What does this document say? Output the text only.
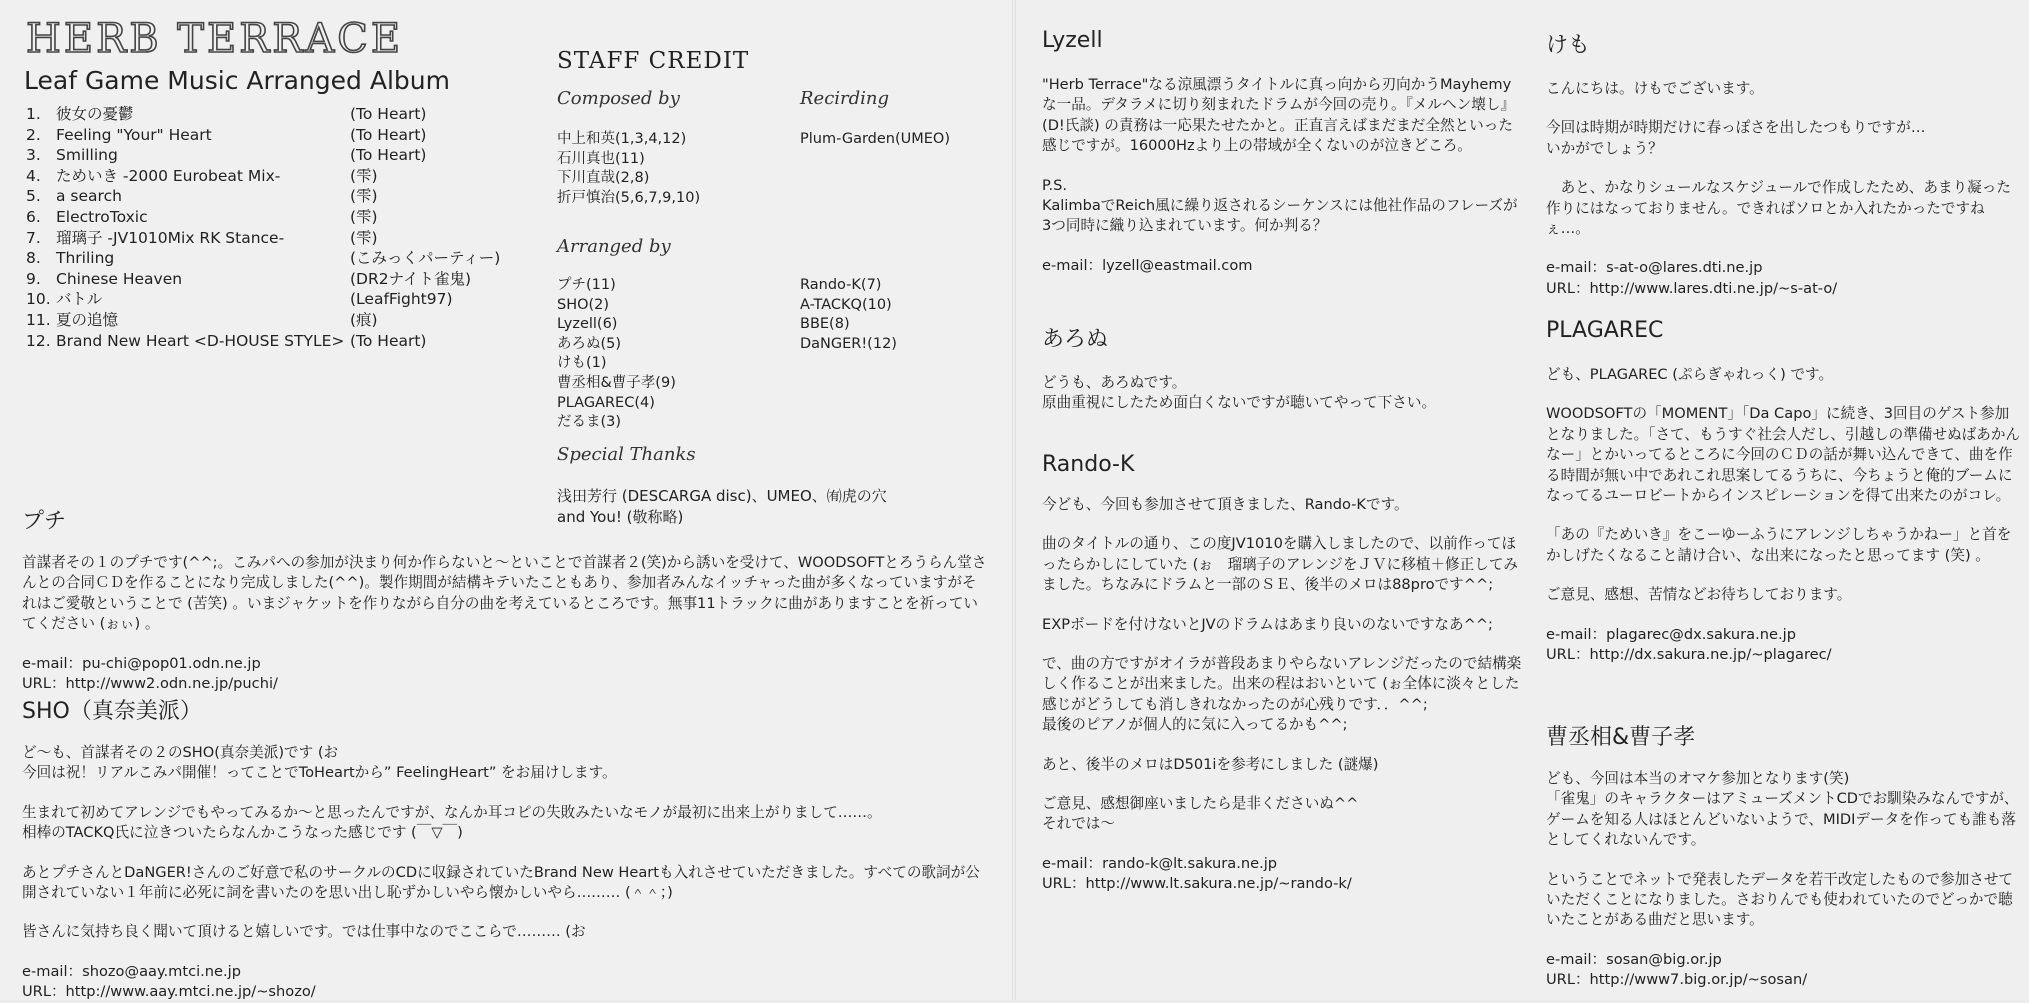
HERB TERRACE
Leaf Game Music Arranged Album
1. 彼女の憂鬱	(To Heart)
2. Feeling "Your" Heart	(To Heart)
3. Smilling	(To Heart)
4. ためいき -2000 Eurobeat Mix-	(雫)
5. a search	(雫)
6. ElectroToxic	(雫)
7. 瑠璃子 -JV1010Mix RK Stance-	(雫)
8. Thriling	(こみっくパーティー)
9. Chinese Heaven	(DR2ナイト雀鬼)
10. バトル	(LeafFight97)
11. 夏の追憶	(痕)
12. Brand New Heart <D-HOUSE STYLE> (To Heart)
STAFF CREDIT
Composed by
中上和英(1,3,4,12)
石川真也(11)
下川直哉(2,8)
折戸慎治(5,6,7,9,10)
Recirding
Plum-Garden(UMEO)
Arranged by
プチ(11)
SHO(2)
Lyzell(6)
あろぬ(5)
けも(1)
曹丞相&曹子孝(9)
PLAGAREC(4)
だるま(3)
Rando-K(7)
A-TACKQ(10)
BBE(8)
DaNGER!(12)
Special Thanks
浅田芳行 (DESCARGA disc)、UMEO、㈲虎の穴
and You! (敬称略)
プチ

首謀者その１のプチです(^^;。こみパへの参加が決まり何か作らないと～といことで首謀者２(笑)から誘いを受けて、WOODSOFTとろうらん堂さんとの合同ＣＤを作ることになり完成しました(^^)。製作期間が結構キテいたこともあり、参加者みんなイッチャった曲が多くなっていますがそれはご愛敬ということで (苦笑) 。いまジャケットを作りながら自分の曲を考えているところです。無事11トラックに曲がありますことを祈っていてください (ぉぃ) 。

e-mail：pu-chi@pop01.odn.ne.jp

URL：http://www2.odn.ne.jp/puchi/

SHO（真奈美派）

ど～も、首謀者その２のSHO(真奈美派)です (お

今回は祝！リアルこみパ開催！ってことでToHeartから” FeelingHeart” をお届けします。

生まれて初めてアレンジでもやってみるか～と思ったんですが、なんか耳コピの失敗みたいなモノが最初に出来上がりまして……。

相棒のTACKQ氏に泣きついたらなんかこうなった感じです (￣▽￣)

あとプチさんとDaNGER!さんのご好意で私のサークルのCDに収録されていたBrand New Heartも入れさせていただきました。すべての歌詞が公開されていない１年前に必死に詞を書いたのを思い出し恥ずかしいやら懐かしいやら……… (＾＾；)

皆さんに気持ち良く聞いて頂けると嬉しいです。では仕事中なのでここらで……… (お

e-mail：shozo@aay.mtci.ne.jp

URL：http://www.aay.mtci.ne.jp/~shozo/

Lyzell

"Herb Terrace"なる涼風漂うタイトルに真っ向から刃向かうMayhemyな一品。デタラメに切り刻まれたドラムが今回の売り。『メルヘン壊し』 (D!氏談) の責務は一応果たせたかと。正直言えばまだまだ全然といった感じですが。16000Hzより上の帯域が全くないのが泣きどころ。

P.S.

KalimbaでReich風に繰り返されるシーケンスには他社作品のフレーズが3つ同時に織り込まれています。何か判る？

e-mail：lyzell@eastmail.com

あろぬ

どうも、あろぬです。

原曲重視にしたため面白くないですが聴いてやって下さい。

Rando-K

今ども、今回も参加させて頂きました、Rando-Kです。

曲のタイトルの通り、この度JV1010を購入しましたので、以前作ってほったらかしにしていた (ぉ　瑠璃子のアレンジをＪＶに移植＋修正してみました。ちなみにドラムと一部のＳＥ、後半のメロは88proです^^;

EXPボードを付けないとJVのドラムはあまり良いのないですなあ^^;

で、曲の方ですがオイラが普段あまりやらないアレンジだったので結構楽しく作ることが出来ました。出来の程はおいといて (ぉ全体に淡々とした感じがどうしても消しきれなかったのが心残りです．．^^;

最後のピアノが個人的に気に入ってるかも^^;

あと、後半のメロはD501iを参考にしました (謎爆)

ご意見、感想御座いましたら是非くださいぬ^^

それでは～

e-mail：rando-k@lt.sakura.ne.jp

URL：http://www.lt.sakura.ne.jp/~rando-k/

けも

こんにちは。けもでございます。

今回は時期が時期だけに春っぽさを出したつもりですが…

いかがでしょう？

　あと、かなりシュールなスケジュールで作成したため、あまり凝った作りにはなっておりません。できればソロとか入れたかったですねぇ…。

e-mail：s-at-o@lares.dti.ne.jp

URL：http://www.lares.dti.ne.jp/~s-at-o/

PLAGAREC

ども、PLAGAREC (ぷらぎゃれっく) です。

WOODSOFTの「MOMENT」「Da Capo」に続き、3回目のゲスト参加となりました。「さて、もうすぐ社会人だし、引越しの準備せぬばあかんなー」とかいってるところに今回のＣＤの話が舞い込んできて、曲を作る時間が無い中であれこれ思案してるうちに、今ちょうと俺的ブームになってるユーロビートからインスピレーションを得て出来たのがコレ。

「あの『ためいき』をこーゆーふうにアレンジしちゃうかねー」と首をかしげたくなること請け合い、な出来になったと思ってます (笑) 。

ご意見、感想、苦情などお待ちしております。

e-mail：plagarec@dx.sakura.ne.jp

URL：http://dx.sakura.ne.jp/~plagarec/

曹丞相&曹子孝

ども、今回は本当のオマケ参加となります(笑)

「雀鬼」のキャラクターはアミューズメントCDでお馴染みなんですが、ゲームを知る人はほとんどいないようで、MIDIデータを作っても誰も落としてくれないんです。

ということでネットで発表したデータを若干改定したもので参加させていただくことになりました。さおりんでも使われていたのでどっかで聴いたことがある曲だと思います。

e-mail：sosan@big.or.jp

URL：http://www7.big.or.jp/~sosan/
